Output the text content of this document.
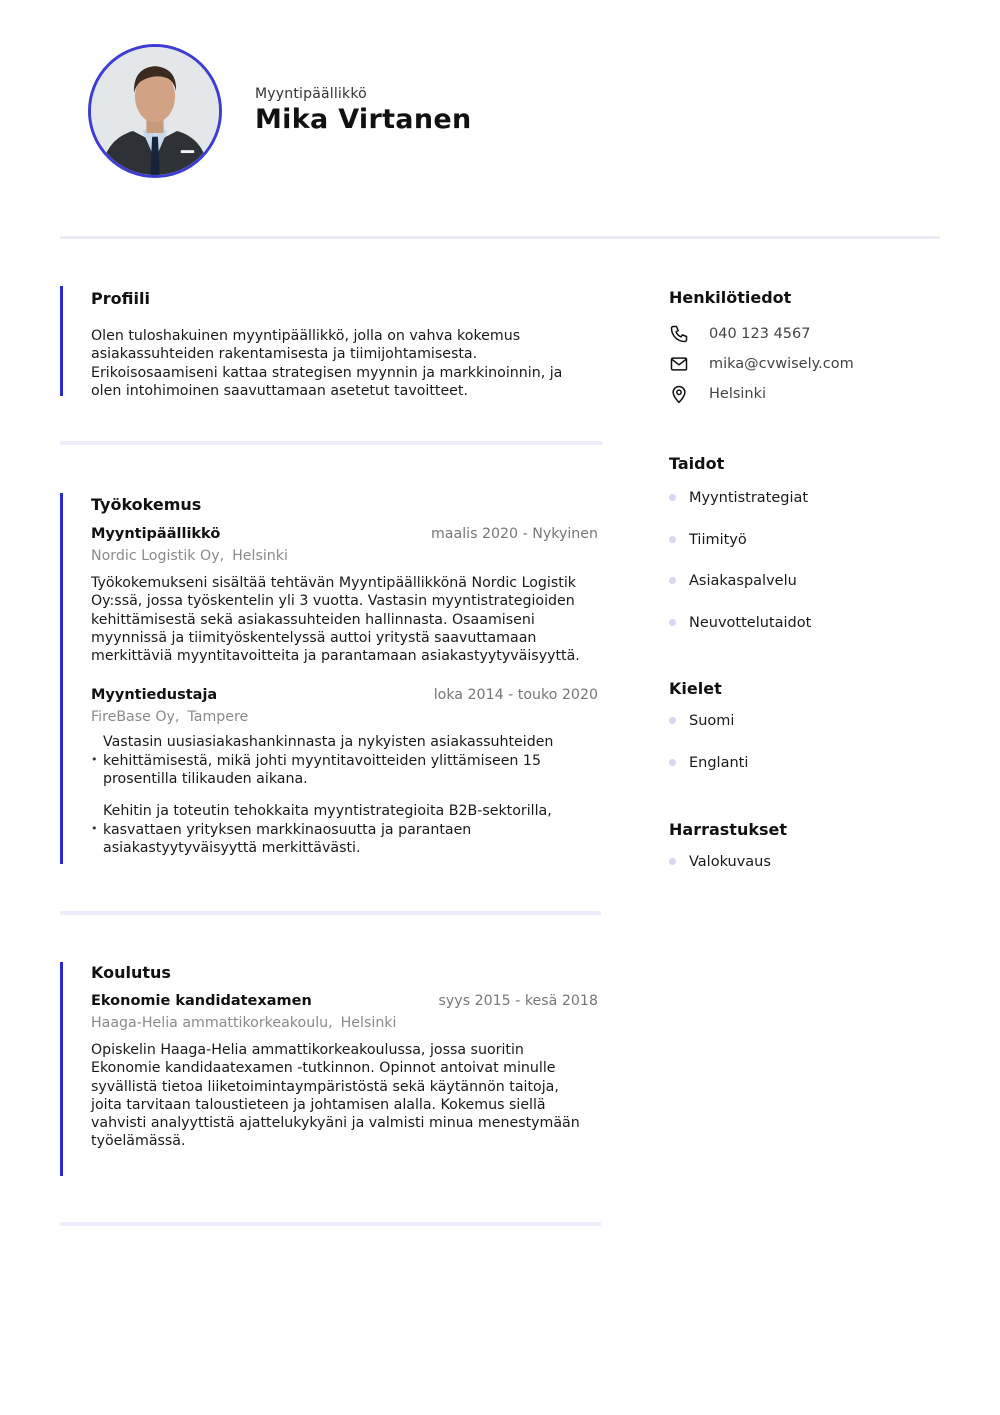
Myyntipäällikkö
Mika Virtanen
Profiili
Olen tuloshakuinen myyntipäällikkö, jolla on vahva kokemus asiakassuhteiden rakentamisesta ja tiimijohtamisesta. Erikoisosaamiseni kattaa strategisen myynnin ja markkinoinnin, ja olen intohimoinen saavuttamaan asetetut tavoitteet.
Työkokemus
Myyntipäällikkö	maalis 2020 - Nykyinen
Nordic Logistik Oy, Helsinki
Työkokemukseni sisältää tehtävän Myyntipäällikkönä Nordic Logistik Oy:ssä, jossa työskentelin yli 3 vuotta. Vastasin myyntistrategioiden kehittämisestä sekä asiakassuhteiden hallinnasta. Osaamiseni myynnissä ja tiimityöskentelyssä auttoi yritystä saavuttamaan merkittäviä myyntitavoitteita ja parantamaan asiakastyytyväisyyttä.
Myyntiedustaja	loka 2014 - touko 2020
FireBase Oy, Tampere
• Vastasin uusiasiakashankinnasta ja nykyisten asiakassuhteiden kehittämisestä, mikä johti myyntitavoitteiden ylittämiseen 15 prosentilla tilikauden aikana.
• Kehitin ja toteutin tehokkaita myyntistrategioita B2B-sektorilla, kasvattaen yrityksen markkinaosuutta ja parantaen asiakastyytyväisyyttä merkittävästi.
Koulutus
Ekonomie kandidatexamen	syys 2015 - kesä 2018
Haaga-Helia ammattikorkeakoulu, Helsinki
Opiskelin Haaga-Helia ammattikorkeakoulussa, jossa suoritin Ekonomie kandidaatexamen -tutkinnon. Opinnot antoivat minulle syvällistä tietoa liiketoimintaympäristöstä sekä käytännön taitoja, joita tarvitaan taloustieteen ja johtamisen alalla. Kokemus siellä vahvisti analyyttistä ajattelukykyäni ja valmisti minua menestymään työelämässä.
Henkilötiedot
040 123 4567
mika@cvwisely.com
Helsinki
Taidot
Myyntistrategiat
Tiimityö
Asiakaspalvelu
Neuvottelutaidot
Kielet
Suomi
Englanti
Harrastukset
Valokuvaus
